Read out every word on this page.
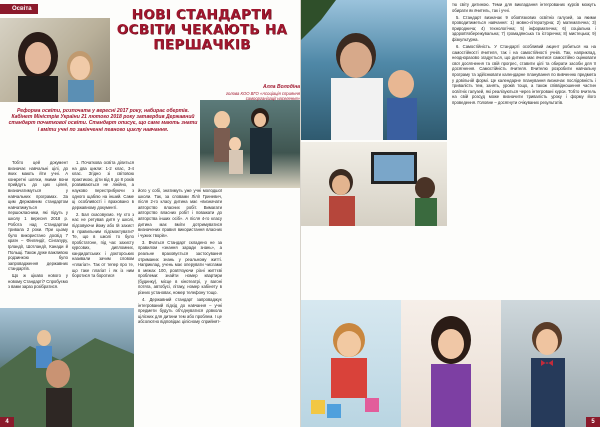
Освіта	НОВІ СТАНДАРТИ ОСВІТИ ЧЕКАЮТЬ НА ПЕРШАЧКІВ
Алла Володіна
голова КОО ВГО «Асоціація сприяння самоорганізації населення»
Реформа освіти, розпочата у вересні 2017 року, набирає обертів. Кабінет Міністрів України 21 лютого 2018 року затвердив Державний стандарт початкової освіти. Стандарт описує, що саме мають знати і вміти учні по закінченні певного циклу навчання.

Тобто цей документ визначає навчальні цілі, до яких мають йти учні. А конкретні шляхи, якими вони прийдуть до цих цілей, визначатимуться у навчальних програмах. За цим Державним стандартом навчатимуться першокласники, які підуть у школу 1 вересня 2018 р. Робота над Стандартом тривала 2 роки. При цьому було використано досвід 7 країн – Фінляндії, Сінгапуру, Ірландії, Шотландії, Канади й Польщі. Також дуже важливою родзинкою було запровадження державних стандартів.

Що ж цікаво нового у новому Стандарті? Спробуємо з вами зараз розібратися.

1. Початкова освіта ділиться на два цикли: 1-2 клас, 3-4 клас. Згідно зі світовою практикою, діти від 6 до 8 років розвиваються не лінійно, а науково перестрибуючи з одного щаблю на інший. Саме ці особливості і враховано в державному документі.

2. Бал скасовуємо. Ну хто з нас не ретував дитя у школі, підсовуючи йому або їй захист в правильним підсмоктувати? Те, що в школі то було пробстатоне, під час захисту курсових, дипломних, кандидатських і докторських називали зачим словом «плагіат». Так от тепер про те, що таке плагіат і як із ним боротися та боротися

його у собі, знатимуть уже учні молодшої школи. Так, за словами Лілії Гриневич, після 2-го класу дитина має «визначати авторство власних робіт. Вимагати авторство власних робіт і поважати до авторства інших осіб». А після 4-го класу дитина має вміти дотримуватися визначених правил використання власних і чужих творів».

3. Вчаться Стандарт складено не за правилом «знання заради знань», а реальне враховується застосування отриманих знань у реальному житті. Наприклад, учень має оперувати числами в межах 100, розв'язуючи різні життєві проблеми: знайти номер квартири (будинку), місце в кінотеатрі, у вагоні потяга, автобусі, літаку, номер кабінету в різних установах, номер телефону тощо.

4. Державний стандарт запроваджує інтегрований підхід до навчання – учні предмети будуть об'єднуватися довкола цілісних для дитини тем або проблем. І це абсолютно відповідає цілісному сприйнят-

4

тю світу дитиною. Теми для викладання інтегрованих курсів можуть обирати як вчитель, так і учні.

5. Стандарт визначає 9 обов'язкових освітніх галузей, за якими проводитиметься навчання: 1) мовно-літературна; 2) математична; 3) природнича; 4) технологічна; 5) інформатична; 6) соціальна і здоров'язбережувальна; 7) громадянська та історична; 8) мистецька; 9) фізкультурна.

6. Самостійність. У Стандарті особливий акцент робиться на на самостійності вчителя, так і на самостійності учнів. Так, наприклад, неодноразово згадується, що дитина має вчитися самостійно оцінювати свої досягнення та свій прогрес, ставити цілі та обирати засоби для її досягнення. Самостійність вчителя. Вчителю розробити навчальну програму та здійснювати календарне планування по вивченню предмета у довільній формі. Це календарне планування визначає послідовність і тривалість тем, занять, уроків тощо, а також співвідношення частин освітніх галузей, які реалізуються через інтегровані курси. Тобто вчитель на свій розсуд може визначити тривалість уроку і форму його проведення. Головне – досягнути очікуваних результатів.

5
